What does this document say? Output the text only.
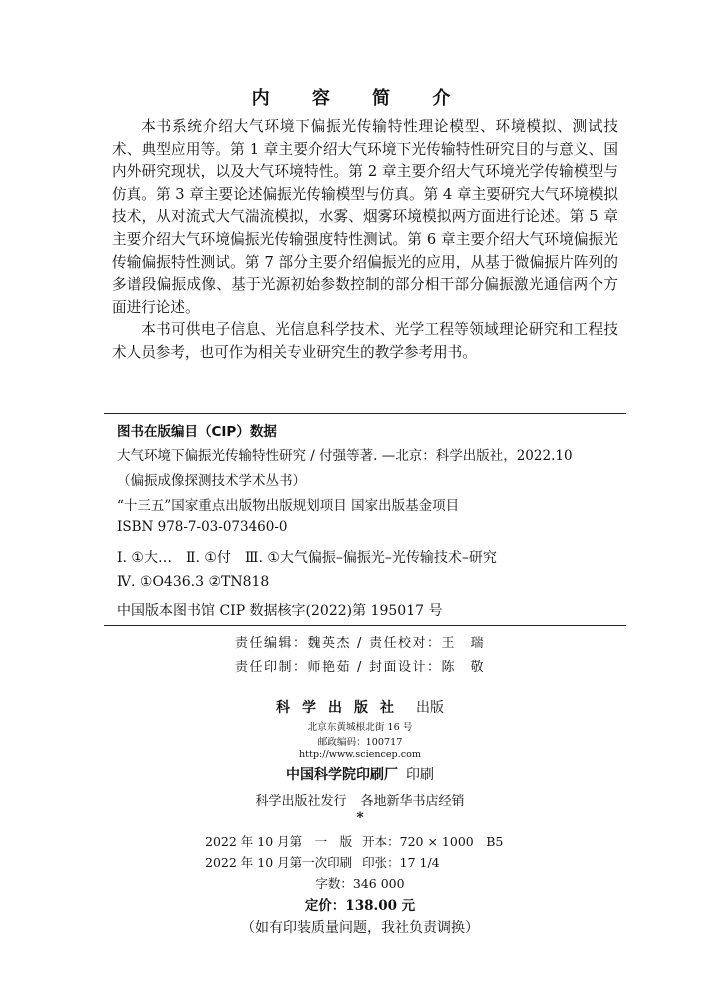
内 容 简 介

本书系统介绍大气环境下偏振光传输特性理论模型、环境模拟、测试技术、典型应用等。第 1 章主要介绍大气环境下光传输特性研究目的与意义、国内外研究现状，以及大气环境特性。第 2 章主要介绍大气环境光学传输模型与仿真。第 3 章主要论述偏振光传输模型与仿真。第 4 章主要研究大气环境模拟技术，从对流式大气湍流模拟，水雾、烟雾环境模拟两方面进行论述。第 5 章主要介绍大气环境偏振光传输强度特性测试。第 6 章主要介绍大气环境偏振光传输偏振特性测试。第 7 部分主要介绍偏振光的应用，从基于微偏振片阵列的多谱段偏振成像、基于光源初始参数控制的部分相干部分偏振激光通信两个方面进行论述。

本书可供电子信息、光信息科学技术、光学工程等领域理论研究和工程技术人员参考，也可作为相关专业研究生的教学参考用书。

图书在版编目（CIP）数据
大气环境下偏振光传输特性研究 / 付强等著. —北京：科学出版社，2022.10
（偏振成像探测技术学术丛书）
“十三五”国家重点出版物出版规划项目 国家出版基金项目
ISBN 978-7-03-073460-0
Ⅰ. ①大…　Ⅱ. ①付　Ⅲ. ①大气偏振–偏振光–光传输技术–研究
Ⅳ. ①O436.3 ②TN818
中国版本图书馆 CIP 数据核字(2022)第 195017 号
责任编辑：魏英杰 / 责任校对：王　瑞
责任印制：师艳茹 / 封面设计：陈　敬
科学出版社 出版
北京东黄城根北街 16 号
邮政编码：100717
http://www.sciencep.com
中国科学院印刷厂 印刷
科学出版社发行 各地新华书店经销
*
2022 年 10 月第　一　版 开本：720 × 1000　B5
2022 年 10 月第一次印刷 印张：17 1/4
字数：346 000
定价：138.00 元
（如有印装质量问题，我社负责调换）
